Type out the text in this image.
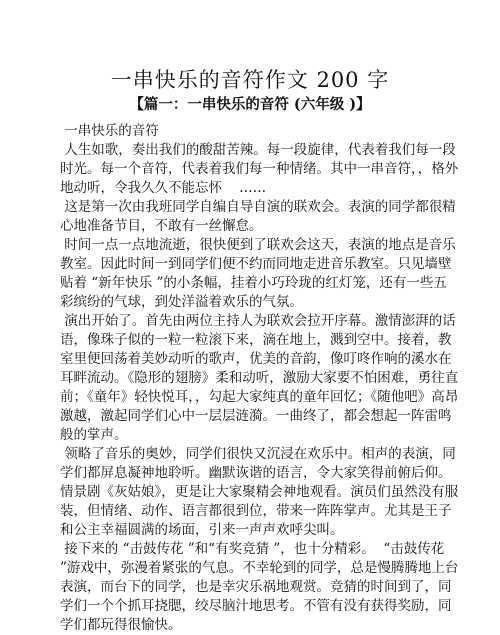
一串快乐的音符作文 200 字
【篇一：一串快乐的音符 (六年级 )】

一串快乐的音符

人生如歌，奏出我们的酸甜苦辣。每一段旋律，代表着我们每一段时光。每一个音符，代表着我们每一种情绪。其中一串音符，，格外地动听，令我久久不能忘怀    ……

这是第一次由我班同学自编自导自演的联欢会。表演的同学都很精心地准备节目，不敢有一丝懈怠。

时间一点一点地流逝，很快便到了联欢会这天，表演的地点是音乐教室。因此时间一到同学们便不约而同地走进音乐教室。只见墙壁贴着 “新年快乐 ”的小条幅，挂着小巧玲珑的红灯笼，还有一些五彩缤纷的气球，到处洋溢着欢乐的气氛。

演出开始了。首先由两位主持人为联欢会拉开序幕。激情澎湃的话语，像珠子似的一粒一粒滚下来，滴在地上，溅到空中。接着，教室里便回荡着美妙动听的歌声，优美的音韵，像叮咚作响的溪水在耳畔流动。《隐形的翅膀》柔和动听，激励大家要不怕困难，勇往直前；《童年》轻快悦耳，，勾起大家纯真的童年回忆；《随他吧》高昂激越，激起同学们心中一层层涟漪。一曲终了，都会想起一阵雷鸣般的掌声。

领略了音乐的奥妙，同学们很快又沉浸在欢乐中。相声的表演，同学们都屏息凝神地聆听。幽默诙谐的语言，令大家笑得前俯后仰。情景剧《灰姑娘》，更是让大家聚精会神地观看。演员们虽然没有服装，但情绪、动作、语言都很到位，带来一阵阵掌声。尤其是王子和公主幸福圆满的场面，引来一声声欢呼尖叫。

接下来的 “击鼓传花 ”和“有奖竞猜 ”，也十分精彩。  “击鼓传花 ”游戏中，弥漫着紧张的气息。不幸轮到的同学，总是慢腾腾地上台表演，而台下的同学，也是幸灾乐祸地观赏。竞猜的时间到了，同学们一个个抓耳挠腮，绞尽脑汁地思考。不管有没有获得奖励，同学们都玩得很愉快。
